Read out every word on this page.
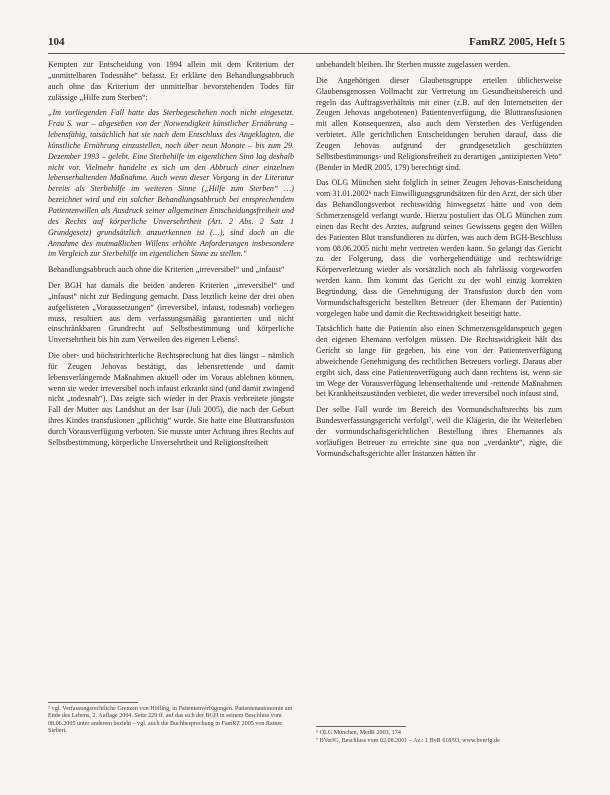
104	FamRZ 2005, Heft 5

Kempten zur Entscheidung von 1994 allein mit dem Kriterium der „unmittelbaren Todesnähe“ befasst. Er erklärte den Behandlungsabbruch auch ohne das Kriterium der unmittelbar bevorstehenden Todes für zulässige „Hilfe zum Sterben“:

„Im vorliegenden Fall hatte das Sterbegeschehen noch nicht eingesetzt. Frau S. war – abgesehen von der Notwendigkeit künstlicher Ernährung – lebensfähig, tatsächlich hat sie nach dem Entschluss des Angeklagten, die künstliche Ernährung einzustellen, noch über neun Monate – bis zum 29. Dezember 1993 – gelebt. Eine Sterbehilfe im eigentlichen Sinn lag deshalb nicht vor. Vielmehr handelte es sich um den Abbruch einer einzelnen lebenserhaltenden Maßnahme. Auch wenn dieser Vorgang in der Literatur bereits als Sterbehilfe im weiteren Sinne („Hilfe zum Sterben“ …) bezeichnet wird und ein solcher Behandlungsabbruch bei entsprechendem Patientenwillen als Ausdruck seiner allgemeinen Entscheidungsfreiheit und des Rechts auf körperliche Unversehrtheit (Art. 2 Abs. 2 Satz 1 Grundgesetz) grundsätzlich anzuerkennen ist (…), sind doch an die Annahme des mutmaßlichen Willens erhöhte Anforderungen insbesondere im Vergleich zur Sterbehilfe im eigentlichen Sinne zu stellen.“

Behandlungsabbruch auch ohne die Kriterien „irreversibel“ und „infaust“

Der BGH hat damals die beiden anderen Kriterien „irreversibel“ und „infaust“ nicht zur Bedingung gemacht. Dass letztlich keine der drei oben aufgelisteten „Voraussetzungen“ (irreversibel, infaust, todesnah) vorliegen muss, resultiert aus dem verfassungsmäßig garantierten und nicht einschränkbaren Grundrecht auf Selbstbestimmung und körperliche Unversehrtheit bis hin zum Verweilen des eigenen Lebens⁵.

Die ober- und höchstrichterliche Rechtsprechung hat dies längst – nämlich für Zeugen Jehovas bestätigt, das lebensrettende und damit lebensverlängernde Maßnahmen aktuell oder im Voraus ablehnen können, wenn sie weder irreversibel noch infaust erkrankt sind (und damit zwingend nicht „todesnah“). Das zeigte sich wieder in der Praxis verbreitete jüngste Fall der Mutter aus Landshut an der Isar (Juli 2005), die nach der Geburt ihres Kindes transfusionen „pflichtig“ wurde. Sie hatte eine Bluttransfusion durch Vorausverfügung verboten. Sie musste unter Achtung ihres Rechts auf Selbstbestimmung, körperliche Unversehrtheit und Religionsfreiheit

unbehandelt bleiben. Ihr Sterben musste zugelassen werden.

Die Angehörigen dieser Glaubensgruppe erteilen üblicherweise Glaubensgenossen Vollmacht zur Vertretung im Gesundheitsbereich und regeln das Auftragsverhältnis mit einer (z.B. auf den Internetseiten der Zeugen Jehovas angebotenen) Patientenverfügung, die Bluttransfusionen mit allen Konsequenzen, also auch dem Versterben des Verfügenden verbietet. Alle gerichtlichen Entscheidungen beruhen darauf, dass die Zeugen Jehovas aufgrund der grundgesetzlich geschützten Selbstbestimmungs- und Religionsfreiheit zu derartigen „antizipierten Veto“ (Bender in MedR 2005, 179) berechtigt sind.

Das OLG München sieht folglich in seiner Zeugen Jehovas-Entscheidung vom 31.01.2002⁶ nach Einwilligungsgrundsätzen für den Arzt, der sich über das Behandlungsverbot rechtswidrig hinwegsetzt hätte und von dem Schmerzensgeld verlangt wurde. Hierzu postuliert das OLG München zum einen das Recht des Arztes, aufgrund seines Gewissens gegen den Willen des Patienten Blut transfundieren zu dürfen, was auch dem BGH-Beschluss vom 08.06.2005 nicht mehr vertreten werden kann. So gelangt das Gericht zu der Folgerung, dass die vorhergehendtätige und rechtswidrige Körperverletzung wieder als vorsätzlich noch als fahrlässig vorgeworfen werden kann. Ihm kommt das Gericht zu der wohl einzig korrekten Begründung, dass die Genehmigung der Transfusion durch den vom Vormundschaftsgericht bestellten Betreuer (der Ehemann der Patientin) vorgelegen habe und damit die Rechtswidrigkeit beseitigt hatte.

Tatsächlich hatte die Patientin also einen Schmerzensgeldanspruch gegen den eigenen Ehemann verfolgen müssen. Die Rechtswidrigkeit hält das Gericht so lange für gegeben, bis eine von der Patientenverfügung abweichende Genehmigung des rechtlichen Betreuers vorliegt. Daraus aber ergibt sich, dass eine Patientenverfügung auch dann rechtens ist, wenn sie im Wege der Vorausverfügung lebenserhaltende und -rettende Maßnahmen bei Krankheitszuständen verbietet, die weder irreversibel noch infaust sind.

Der selbe Fall wurde im Bereich des Vormundschaftsrechts bis zum Bundesverfassungsgericht verfolgt⁷, weil die Klägerin, die ihr Weiterleben der vormundschaftsgerichtlichen Bestellung ihres Ehemannes als vorläufigen Betreuer zu erreichte sine qua non „verdankte“, rügte, die Vormundschaftsgerichte aller Instanzen hätten ihr

⁵ vgl. Verfassungsrechtliche Grenzen von Höfling, in Patientenverfügungen. Patientenautonomie am Ende des Lebens, 2. Auflage 2004. Seite 229 ff. auf das sich der BGH in seinem Beschluss vom 08.06.2005 unter anderem bezieht – vgl. auch die Buchbesprechung in FamRZ 2005 von Rainer Siebert.	⁶ OLG München, MedR 2003, 174

⁷ BVerfG, Beschluss vom 02.08.2001 – Az.: 1 BvR 618/93, www.bverfg.de
